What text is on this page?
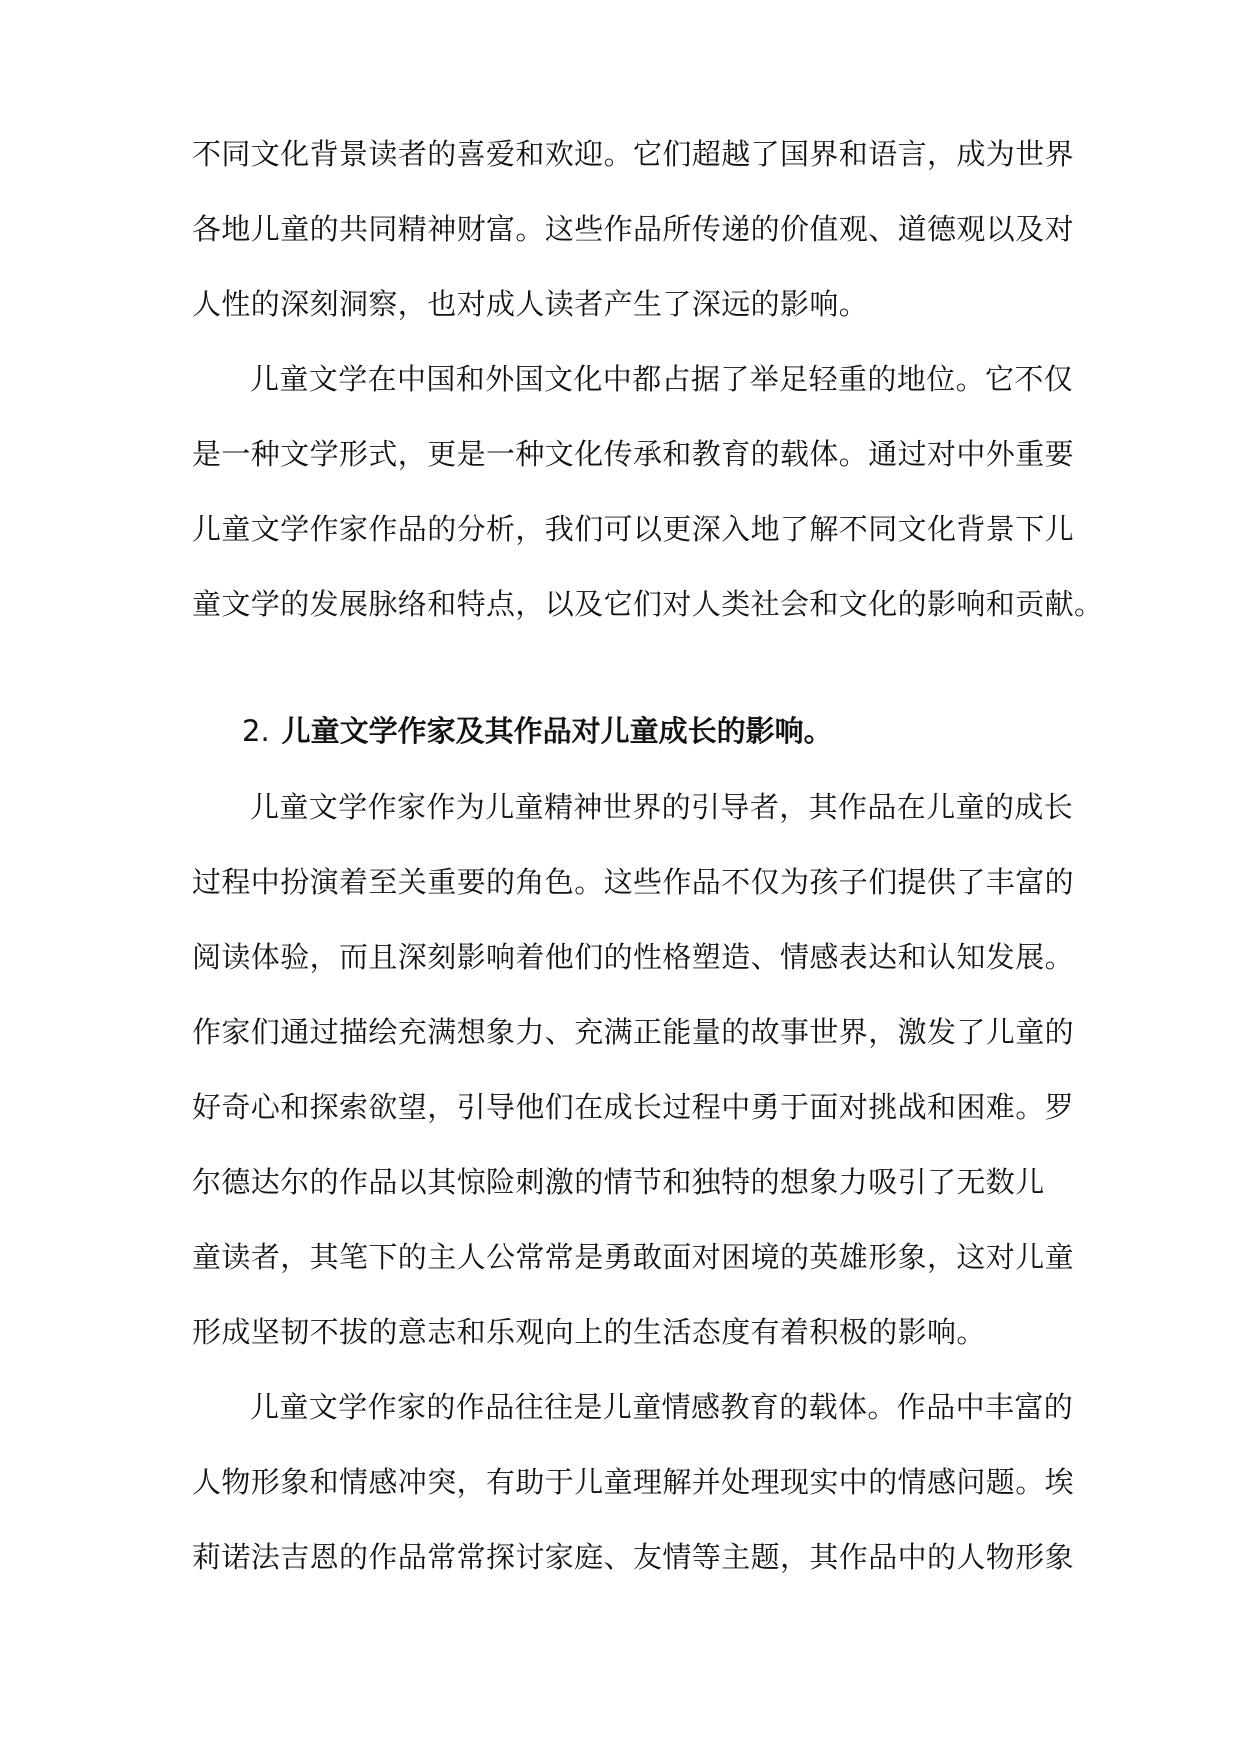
不同文化背景读者的喜爱和欢迎。它们超越了国界和语言，成为世界
各地儿童的共同精神财富。这些作品所传递的价值观、道德观以及对
人性的深刻洞察，也对成人读者产生了深远的影响。
儿童文学在中国和外国文化中都占据了举足轻重的地位。它不仅
是一种文学形式，更是一种文化传承和教育的载体。通过对中外重要
儿童文学作家作品的分析，我们可以更深入地了解不同文化背景下儿
童文学的发展脉络和特点，以及它们对人类社会和文化的影响和贡献。
2. 儿童文学作家及其作品对儿童成长的影响。
儿童文学作家作为儿童精神世界的引导者，其作品在儿童的成长
过程中扮演着至关重要的角色。这些作品不仅为孩子们提供了丰富的
阅读体验，而且深刻影响着他们的性格塑造、情感表达和认知发展。
作家们通过描绘充满想象力、充满正能量的故事世界，激发了儿童的
好奇心和探索欲望，引导他们在成长过程中勇于面对挑战和困难。罗
尔德达尔的作品以其惊险刺激的情节和独特的想象力吸引了无数儿
童读者，其笔下的主人公常常是勇敢面对困境的英雄形象，这对儿童
形成坚韧不拔的意志和乐观向上的生活态度有着积极的影响。
儿童文学作家的作品往往是儿童情感教育的载体。作品中丰富的
人物形象和情感冲突，有助于儿童理解并处理现实中的情感问题。埃
莉诺法吉恩的作品常常探讨家庭、友情等主题，其作品中的人物形象
